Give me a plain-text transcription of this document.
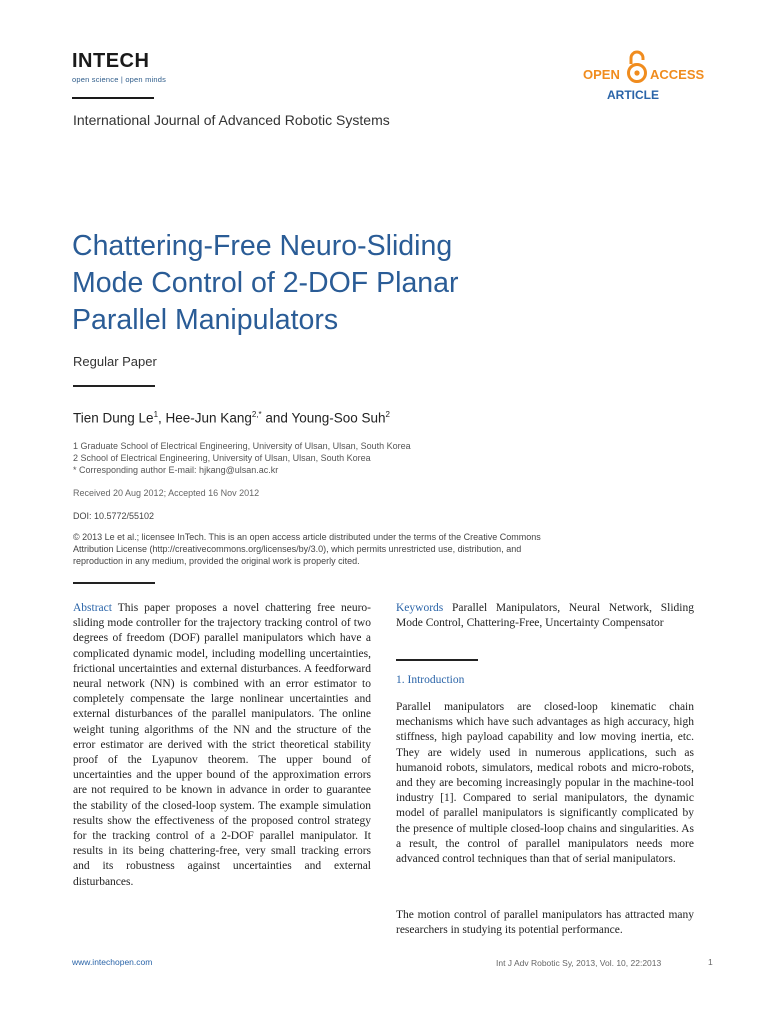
INTECH
open science | open minds	OPEN ACCESS
ARTICLE
International Journal of Advanced Robotic Systems
Chattering-Free Neuro-Sliding
Mode Control of 2-DOF Planar
Parallel Manipulators
Regular Paper
Tien Dung Le$^1$, Hee-Jun Kang$^{2,*}$ and Young-Soo Suh$^2$
1 Graduate School of Electrical Engineering, University of Ulsan, Ulsan, South Korea
2 School of Electrical Engineering, University of Ulsan, Ulsan, South Korea
* Corresponding author E-mail: hjkang@ulsan.ac.kr
Received 20 Aug 2012; Accepted 16 Nov 2012
DOI: 10.5772/55102
© 2013 Le et al.; licensee InTech. This is an open access article distributed under the terms of the Creative Commons Attribution License (http://creativecommons.org/licenses/by/3.0), which permits unrestricted use, distribution, and reproduction in any medium, provided the original work is properly cited.
Abstract This paper proposes a novel chattering free neuro-sliding mode controller for the trajectory tracking control of two degrees of freedom (DOF) parallel manipulators which have a complicated dynamic model, including modelling uncertainties, frictional uncertainties and external disturbances. A feedforward neural network (NN) is combined with an error estimator to completely compensate the large nonlinear uncertainties and external disturbances of the parallel manipulators. The online weight tuning algorithms of the NN and the structure of the error estimator are derived with the strict theoretical stability proof of the Lyapunov theorem. The upper bound of uncertainties and the upper bound of the approximation errors are not required to be known in advance in order to guarantee the stability of the closed-loop system. The example simulation results show the effectiveness of the proposed control strategy for the tracking control of a 2-DOF parallel manipulator. It results in its being chattering-free, very small tracking errors and its robustness against uncertainties and external disturbances.
Keywords Parallel Manipulators, Neural Network, Sliding Mode Control, Chattering-Free, Uncertainty Compensator
1. Introduction
Parallel manipulators are closed-loop kinematic chain mechanisms which have such advantages as high accuracy, high stiffness, high payload capability and low moving inertia, etc. They are widely used in numerous applications, such as humanoid robots, simulators, medical robots and micro-robots, and they are becoming increasingly popular in the machine-tool industry [1]. Compared to serial manipulators, the dynamic model of parallel manipulators is significantly complicated by the presence of multiple closed-loop chains and singularities. As a result, the control of parallel manipulators needs more advanced control techniques than that of serial manipulators.
The motion control of parallel manipulators has attracted many researchers in studying its potential performance.
www.intechopen.com	Int J Adv Robotic Sy, 2013, Vol. 10, 22:2013	1
